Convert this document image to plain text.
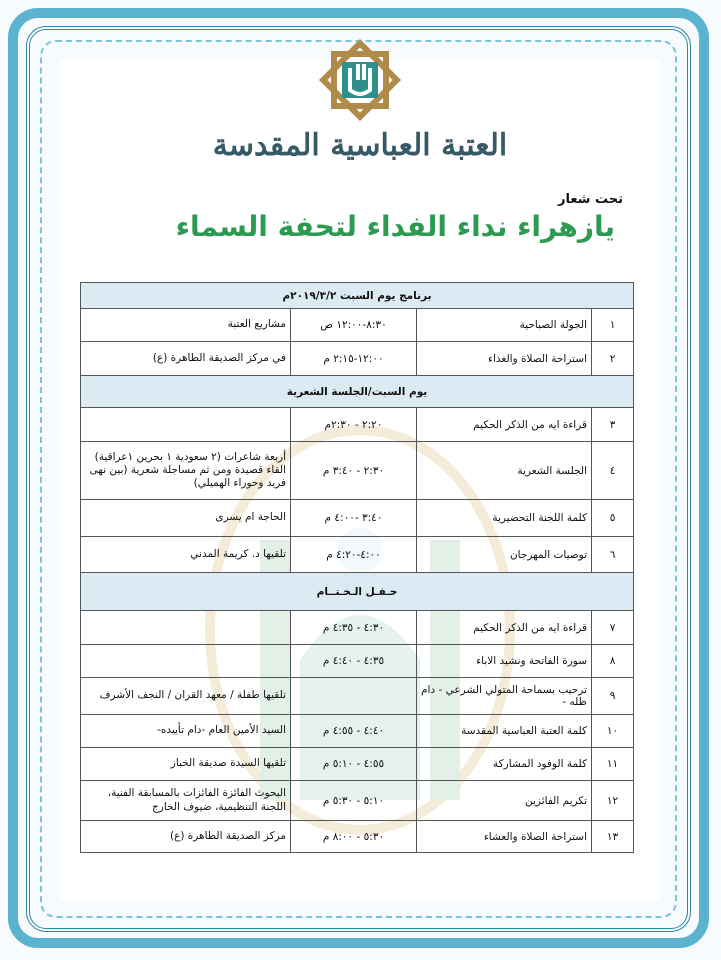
العتبة العباسية المقدسة
تحت شعار
يازهراء نداء الفداء لتحفة السماء
برنامج يوم السبت ٢٠١٩/٣/٢م			
١	الجولة الصباحية	٨:٣٠-١٢:٠٠ ص	مشاريع العتبة
٢	استراحة الصلاة والغذاء	١٢:٠٠-٢:١٥ م	في مركز الصديقة الطاهرة (ع)
يوم السبت/الجلسة الشعرية			
٣	قراءة ايه من الذكر الحكيم	٢:٢٠ - ٢:٣٠م	
٤	الجلسة الشعرية	٢:٣٠ - ٣:٤٠ م	أربعة شاعرات (٢ سعودية ١ بحرين ١عراقية) القاء قصيدة ومن ثم مساجلة شعرية (بين نهى فريد وحوراء الهميلي)
٥	كلمة اللجنة التحضيرية	٣:٤٠ -٤:٠٠ م	الحاجة ام يسرى
٦	توصيات المهرجان	٤:٠٠-٤:٢٠ م	تلقيها د. كريمة المدني
حـفـل الـخـتــام			
٧	قراءة ايه من الذكر الحكيم	٤:٣٠ - ٤:٣٥ م	
٨	سورة الفاتحة ونشيد الاباء	٤:٣٥ - ٤:٤٠ م	
٩	ترحيب بسماحة المتولي الشرعي - دام ظله -		تلقيها طفلة / معهد القران / النجف الأشرف
١٠	كلمة العتبة العباسية المقدسة	٤:٤٠ - ٤:٥٥ م	السيد الأمين العام -دام تأييده-
١١	كلمة الوفود المشاركة	٤:٥٥ - ٥:١٠ م	تلقيها السيدة صديقة الخباز
١٢	تكريم الفائزين	٥:١٠ - ٥:٣٠ م	البحوث الفائزة الفائزات بالمسابقة الفنية، اللجنة التنظيمية، ضيوف الخارج
١٣	استراحة الصلاة والعشاء	٥:٣٠ - ٨:٠٠ م	مركز الصديقة الطاهرة (ع)
